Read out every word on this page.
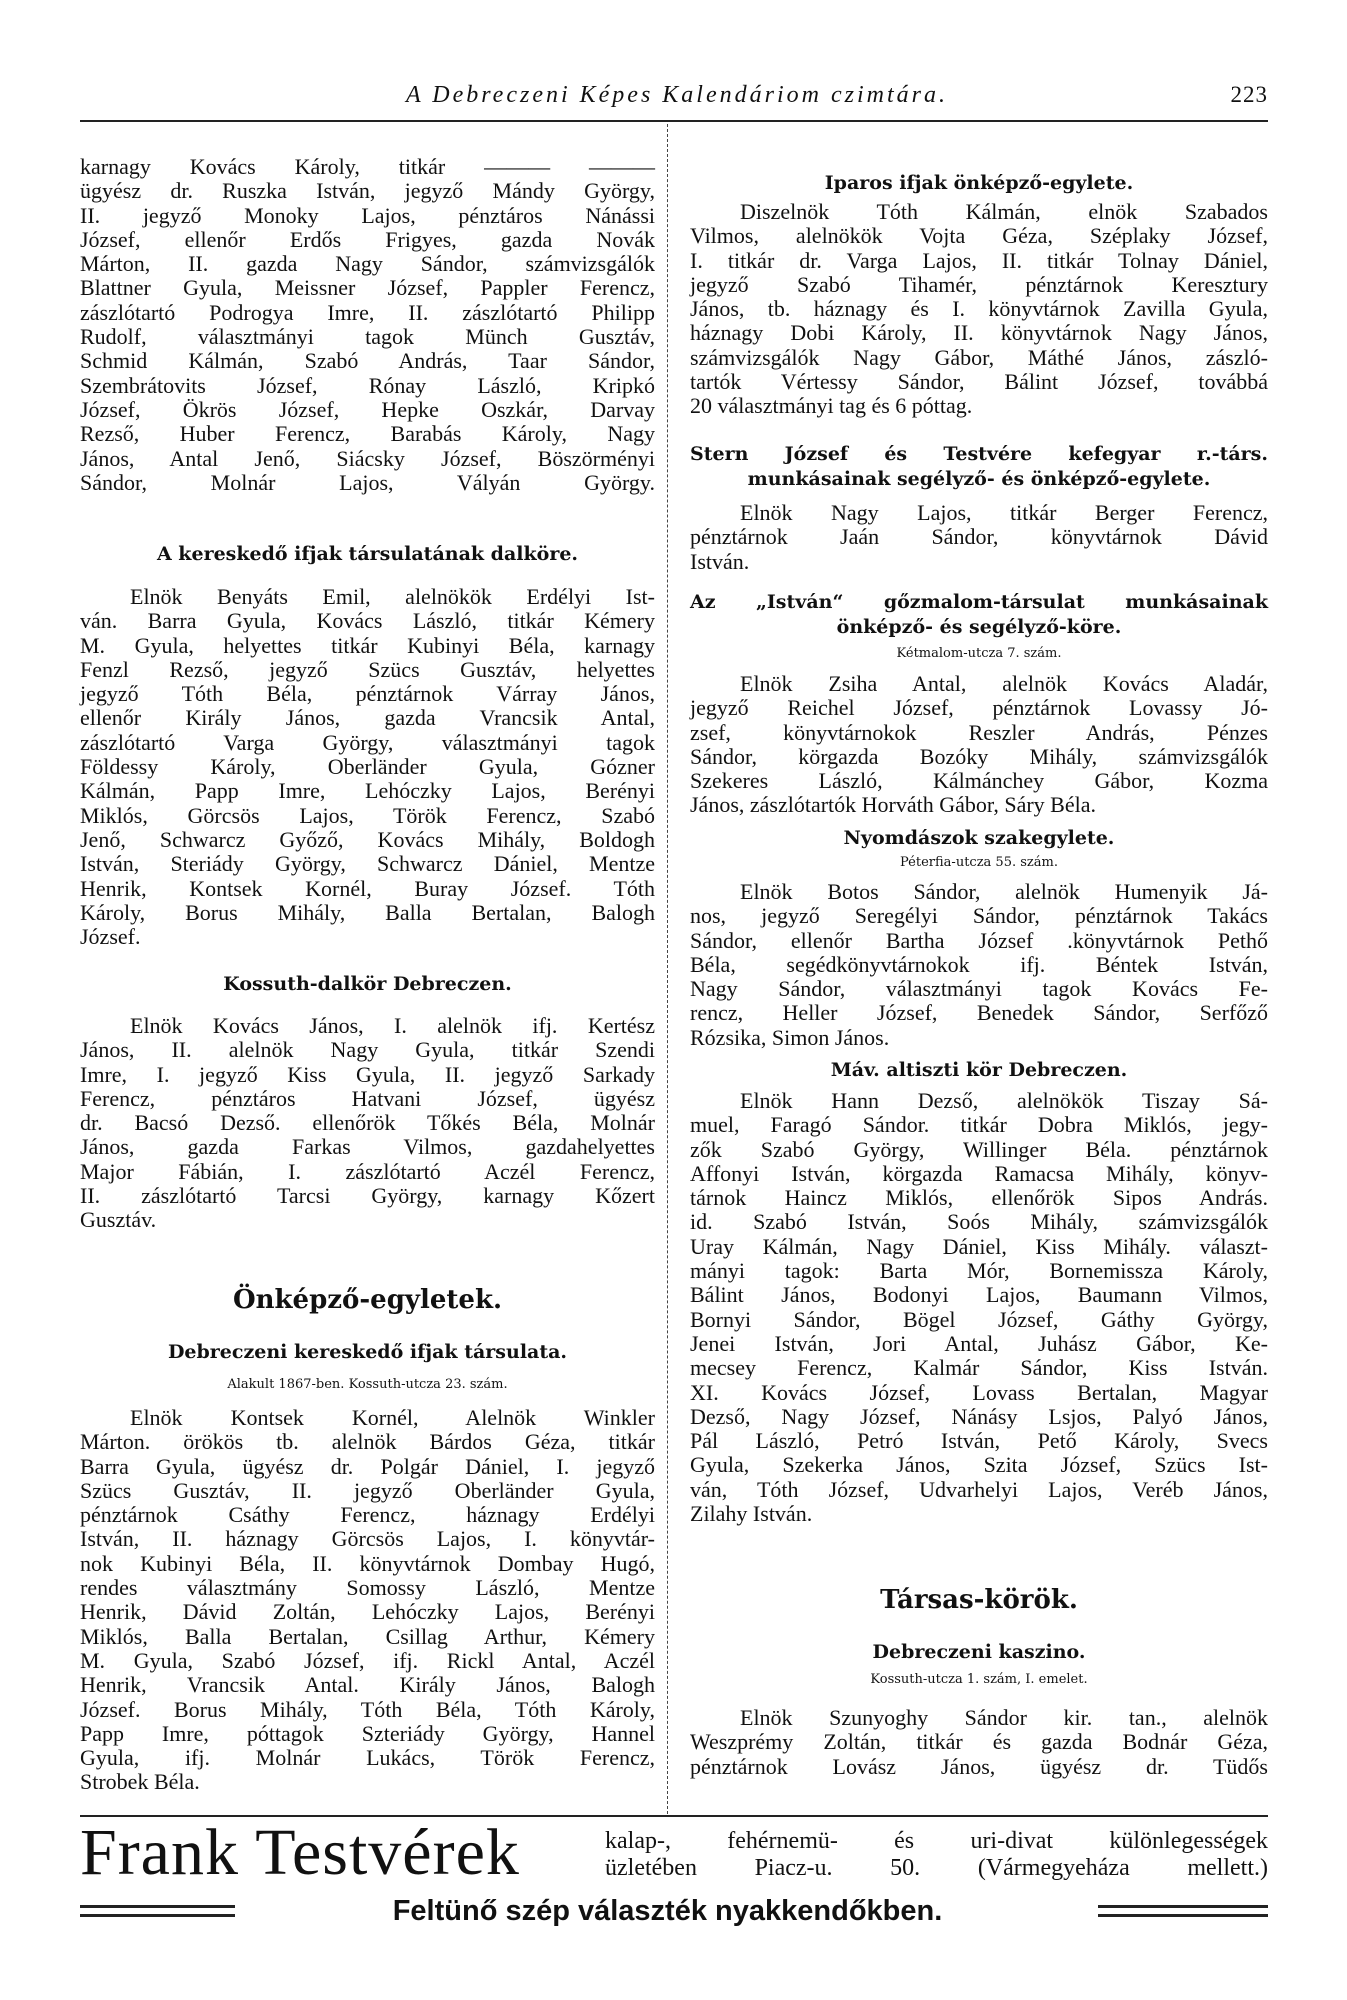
A Debreczeni Képes Kalendáriom czimtára.	223
karnagy Kovács Károly, titkár ——— ———
ügyész dr. Ruszka István, jegyző Mándy György,
II. jegyző Monoky Lajos, pénztáros Nánássi
József, ellenőr Erdős Frigyes, gazda Novák
Márton, II. gazda Nagy Sándor, számvizsgálók
Blattner Gyula, Meissner József, Pappler Ferencz,
zászlótartó Podrogya Imre, II. zászlótartó Philipp
Rudolf, választmányi tagok Münch Gusztáv,
Schmid Kálmán, Szabó András, Taar Sándor,
Szembrátovits József, Rónay László, Kripkó
József, Ökrös József, Hepke Oszkár, Darvay
Rezső, Huber Ferencz, Barabás Károly, Nagy
János, Antal Jenő, Siácsky József, Böszörményi
Sándor, Molnár Lajos, Vályán György.
A kereskedő ifjak társulatának dalköre.
Elnök Benyáts Emil, alelnökök Erdélyi Ist-
ván. Barra Gyula, Kovács László, titkár Kémery
M. Gyula, helyettes titkár Kubinyi Béla, karnagy
Fenzl Rezső, jegyző Szücs Gusztáv, helyettes
jegyző Tóth Béla, pénztárnok Várray János,
ellenőr Király János, gazda Vrancsik Antal,
zászlótartó Varga György, választmányi tagok
Földessy Károly, Oberländer Gyula, Gózner
Kálmán, Papp Imre, Lehóczky Lajos, Berényi
Miklós, Görcsös Lajos, Török Ferencz, Szabó
Jenő, Schwarcz Győző, Kovács Mihály, Boldogh
István, Steriády György, Schwarcz Dániel, Mentze
Henrik, Kontsek Kornél, Buray József. Tóth
Károly, Borus Mihály, Balla Bertalan, Balogh
József.
Kossuth-dalkör Debreczen.
Elnök Kovács János, I. alelnök ifj. Kertész
János, II. alelnök Nagy Gyula, titkár Szendi
Imre, I. jegyző Kiss Gyula, II. jegyző Sarkady
Ferencz, pénztáros Hatvani József, ügyész
dr. Bacsó Dezső. ellenőrök Tőkés Béla, Molnár
János, gazda Farkas Vilmos, gazdahelyettes
Major Fábián, I. zászlótartó Aczél Ferencz,
II. zászlótartó Tarcsi György, karnagy Kőzert
Gusztáv.
Önképző-egyletek.
Debreczeni kereskedő ifjak társulata.
Alakult 1867-ben. Kossuth-utcza 23. szám.
Elnök Kontsek Kornél, Alelnök Winkler
Márton. örökös tb. alelnök Bárdos Géza, titkár
Barra Gyula, ügyész dr. Polgár Dániel, I. jegyző
Szücs Gusztáv, II. jegyző Oberländer Gyula,
pénztárnok Csáthy Ferencz, háznagy Erdélyi
István, II. háznagy Görcsös Lajos, I. könyvtár-
nok Kubinyi Béla, II. könyvtárnok Dombay Hugó,
rendes választmány Somossy László, Mentze
Henrik, Dávid Zoltán, Lehóczky Lajos, Berényi
Miklós, Balla Bertalan, Csillag Arthur, Kémery
M. Gyula, Szabó József, ifj. Rickl Antal, Aczél
Henrik, Vrancsik Antal. Király János, Balogh
József. Borus Mihály, Tóth Béla, Tóth Károly,
Papp Imre, póttagok Szteriády György, Hannel
Gyula, ifj. Molnár Lukács, Török Ferencz,
Strobek Béla.
Iparos ifjak önképző-egylete.
Diszelnök Tóth Kálmán, elnök Szabados
Vilmos, alelnökök Vojta Géza, Széplaky József,
I. titkár dr. Varga Lajos, II. titkár Tolnay Dániel,
jegyző Szabó Tihamér, pénztárnok Keresztury
János, tb. háznagy és I. könyvtárnok Zavilla Gyula,
háznagy Dobi Károly, II. könyvtárnok Nagy János,
számvizsgálók Nagy Gábor, Máthé János, zászló-
tartók Vértessy Sándor, Bálint József, továbbá
20 választmányi tag és 6 póttag.
Stern József és Testvére kefegyar r.-társ.
munkásainak segélyző- és önképző-egylete.
Elnök Nagy Lajos, titkár Berger Ferencz,
pénztárnok Jaán Sándor, könyvtárnok Dávid
István.
Az „István“ gőzmalom-társulat munkásainak
önképző- és segélyző-köre.
Kétmalom-utcza 7. szám.
Elnök Zsiha Antal, alelnök Kovács Aladár,
jegyző Reichel József, pénztárnok Lovassy Jó-
zsef, könyvtárnokok Reszler András, Pénzes
Sándor, körgazda Bozóky Mihály, számvizsgálók
Szekeres László, Kálmánchey Gábor, Kozma
János, zászlótartók Horváth Gábor, Sáry Béla.
Nyomdászok szakegylete.
Péterfia-utcza 55. szám.
Elnök Botos Sándor, alelnök Humenyik Já-
nos, jegyző Seregélyi Sándor, pénztárnok Takács
Sándor, ellenőr Bartha József .könyvtárnok Pethő
Béla, segédkönyvtárnokok ifj. Béntek István,
Nagy Sándor, választmányi tagok Kovács Fe-
rencz, Heller József, Benedek Sándor, Serfőző
Rózsika, Simon János.
Máv. altiszti kör Debreczen.
Elnök Hann Dezső, alelnökök Tiszay Sá-
muel, Faragó Sándor. titkár Dobra Miklós, jegy-
zők Szabó György, Willinger Béla. pénztárnok
Affonyi István, körgazda Ramacsa Mihály, könyv-
tárnok Haincz Miklós, ellenőrök Sipos András.
id. Szabó István, Soós Mihály, számvizsgálók
Uray Kálmán, Nagy Dániel, Kiss Mihály. választ-
mányi tagok: Barta Mór, Bornemissza Károly,
Bálint János, Bodonyi Lajos, Baumann Vilmos,
Bornyi Sándor, Bögel József, Gáthy György,
Jenei István, Jori Antal, Juhász Gábor, Ke-
mecsey Ferencz, Kalmár Sándor, Kiss István.
XI. Kovács József, Lovass Bertalan, Magyar
Dezső, Nagy József, Nánásy Lsjos, Palyó János,
Pál László, Petró István, Pető Károly, Svecs
Gyula, Szekerka János, Szita József, Szücs Ist-
ván, Tóth József, Udvarhelyi Lajos, Veréb János,
Zilahy István.
Társas-körök.
Debreczeni kaszino.
Kossuth-utcza 1. szám, I. emelet.
Elnök Szunyoghy Sándor kir. tan., alelnök
Weszprémy Zoltán, titkár és gazda Bodnár Géza,
pénztárnok Lovász János, ügyész dr. Tüdős
Frank Testvérek	kalap-, fehérnemü- és uri-divat különlegességek
üzletében Piacz-u. 50. (Vármegyeháza mellett.)
Feltünő szép választék nyakkendőkben.
